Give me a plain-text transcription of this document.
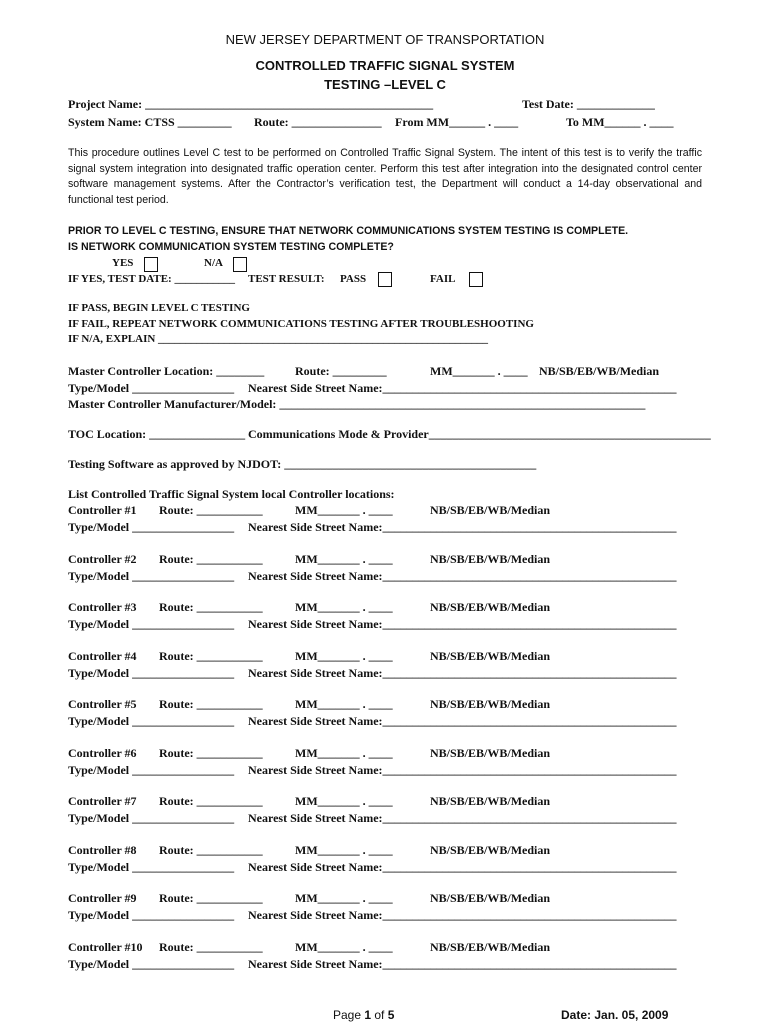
NEW JERSEY DEPARTMENT OF TRANSPORTATION
CONTROLLED TRAFFIC SIGNAL SYSTEM
TESTING –LEVEL C
Project Name: ________________________________________________	Test Date: _____________
System Name: CTSS _________ Route: _______________ From MM______ . ____	To MM______ . ____
This procedure outlines Level C test to be performed on Controlled Traffic Signal System. The intent of this test is to verify the traffic signal system integration into designated traffic operation center. Perform this test after integration into the designated control center software management systems. After the Contractor’s verification test, the Department will conduct a 14-day observational and functional test period.
PRIOR TO LEVEL C TESTING, ENSURE THAT NETWORK COMMUNICATIONS SYSTEM TESTING IS COMPLETE.
IS NETWORK COMMUNICATION SYSTEM TESTING COMPLETE?
YES	N/A
IF YES, TEST DATE: ___________ TEST RESULT: PASS	FAIL
IF PASS, BEGIN LEVEL C TESTING
IF FAIL, REPEAT NETWORK COMMUNICATIONS TESTING AFTER TROUBLESHOOTING
IF N/A, EXPLAIN ____________________________________________________________
Master Controller Location: ________	Route: _________	MM_______ . ____ NB/SB/EB/WB/Median
Type/Model _________________ Nearest Side Street Name:_________________________________________________
Master Controller Manufacturer/Model: _____________________________________________________________
TOC Location: ________________ Communications Mode & Provider_______________________________________________
Testing Software as approved by NJDOT: __________________________________________
List Controlled Traffic Signal System local Controller locations:
Controller #1 Route: ___________	MM_______ . ____	NB/SB/EB/WB/Median
Type/Model _________________ Nearest Side Street Name:_________________________________________________
Controller #2 Route: ___________	MM_______ . ____	NB/SB/EB/WB/Median
Type/Model _________________ Nearest Side Street Name:_________________________________________________
Controller #3 Route: ___________	MM_______ . ____	NB/SB/EB/WB/Median
Type/Model _________________ Nearest Side Street Name:_________________________________________________
Controller #4 Route: ___________	MM_______ . ____	NB/SB/EB/WB/Median
Type/Model _________________ Nearest Side Street Name:_________________________________________________
Controller #5 Route: ___________	MM_______ . ____	NB/SB/EB/WB/Median
Type/Model _________________ Nearest Side Street Name:_________________________________________________
Controller #6 Route: ___________	MM_______ . ____	NB/SB/EB/WB/Median
Type/Model _________________ Nearest Side Street Name:_________________________________________________
Controller #7 Route: ___________	MM_______ . ____	NB/SB/EB/WB/Median
Type/Model _________________ Nearest Side Street Name:_________________________________________________
Controller #8 Route: ___________	MM_______ . ____	NB/SB/EB/WB/Median
Type/Model _________________ Nearest Side Street Name:_________________________________________________
Controller #9 Route: ___________	MM_______ . ____	NB/SB/EB/WB/Median
Type/Model _________________ Nearest Side Street Name:_________________________________________________
Controller #10 Route: ___________	MM_______ . ____	NB/SB/EB/WB/Median
Type/Model _________________ Nearest Side Street Name:_________________________________________________
Page 1 of 5	Date: Jan. 05, 2009
